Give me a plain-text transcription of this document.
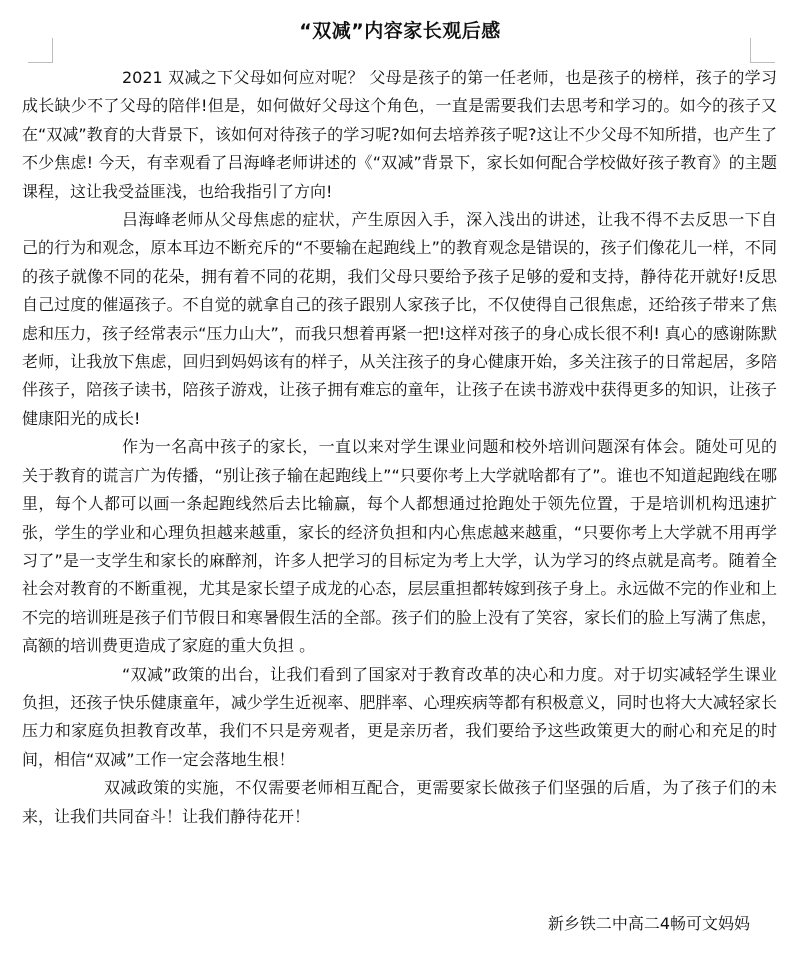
“双减”内容家长观后感

2021 双减之下父母如何应对呢？ 父母是孩子的第一任老师，也是孩子的榜样，孩子的学习成长缺少不了父母的陪伴!但是，如何做好父母这个角色，一直是需要我们去思考和学习的。如今的孩子又在“双减”教育的大背景下，该如何对待孩子的学习呢?如何去培养孩子呢?这让不少父母不知所措，也产生了不少焦虑! 今天，有幸观看了吕海峰老师讲述的《“双减”背景下，家长如何配合学校做好孩子教育》的主题课程，这让我受益匪浅，也给我指引了方向!

吕海峰老师从父母焦虑的症状，产生原因入手，深入浅出的讲述，让我不得不去反思一下自己的行为和观念，原本耳边不断充斥的“不要输在起跑线上”的教育观念是错误的，孩子们像花儿一样，不同的孩子就像不同的花朵，拥有着不同的花期，我们父母只要给予孩子足够的爱和支持，静待花开就好!反思自己过度的催逼孩子。不自觉的就拿自己的孩子跟别人家孩子比，不仅使得自己很焦虑，还给孩子带来了焦虑和压力，孩子经常表示“压力山大”，而我只想着再紧一把!这样对孩子的身心成长很不利! 真心的感谢陈默老师，让我放下焦虑，回归到妈妈该有的样子，从关注孩子的身心健康开始，多关注孩子的日常起居，多陪伴孩子，陪孩子读书，陪孩子游戏，让孩子拥有难忘的童年，让孩子在读书游戏中获得更多的知识，让孩子健康阳光的成长!

作为一名高中孩子的家长，一直以来对学生课业问题和校外培训问题深有体会。随处可见的关于教育的谎言广为传播，“别让孩子输在起跑线上”“只要你考上大学就啥都有了”。谁也不知道起跑线在哪里，每个人都可以画一条起跑线然后去比输赢，每个人都想通过抢跑处于领先位置，于是培训机构迅速扩张，学生的学业和心理负担越来越重，家长的经济负担和内心焦虑越来越重，“只要你考上大学就不用再学习了”是一支学生和家长的麻醉剂，许多人把学习的目标定为考上大学，认为学习的终点就是高考。随着全社会对教育的不断重视，尤其是家长望子成龙的心态，层层重担都转嫁到孩子身上。永远做不完的作业和上不完的培训班是孩子们节假日和寒暑假生活的全部。孩子们的脸上没有了笑容，家长们的脸上写满了焦虑，高额的培训费更造成了家庭的重大负担 。

“双减”政策的出台，让我们看到了国家对于教育改革的决心和力度。对于切实减轻学生课业负担，还孩子快乐健康童年，减少学生近视率、肥胖率、心理疾病等都有积极意义，同时也将大大减轻家长压力和家庭负担教育改革，我们不只是旁观者，更是亲历者，我们要给予这些政策更大的耐心和充足的时间，相信“双减”工作一定会落地生根！

双减政策的实施，不仅需要老师相互配合，更需要家长做孩子们坚强的后盾，为了孩子们的未来，让我们共同奋斗！让我们静待花开！

新乡铁二中高二4畅可文妈妈
